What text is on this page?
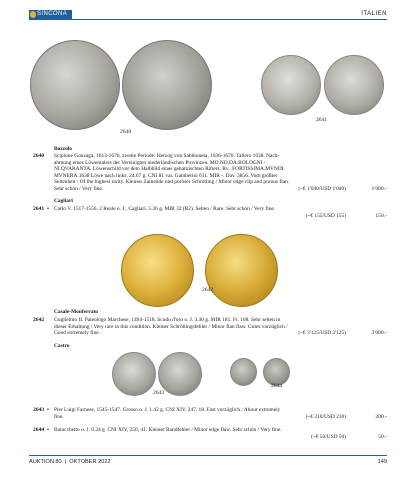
SINCONA	ITALIEN
2640
2641
Bozzolo
2640 Scipione Gonzaga, 1613-1670, zweite Periode: Herzog von Sabbioneta, 1636-1670. Tallero 1638. Nach-
ahmung eines Löwentalers der Vereinigten niederländischen Provinzen. MO.NO.DA.BOLOGNI -
NI.QVARANTA. Löwenschild vor dem Halbbild eines geharnischten Ritters. Rv. .FORTISSIMA.MVNDI.
MVNERA.1638 Löwe nach links. 24.67 g. CNI 81 var. Gamberini 611. MIR -. Dav. 3856. Vom größter
Seltenheit / Of the highest rarity. Kleines Zainende und poröser Schrötling / Minor edge clip and porous flan.
Sehr schön / Very fine.	(~€ 1'040/USD 1'040)	1'000.-
Cagliari
2641 • Carlo V. 1517-1556. 2 Reale o. J., Cagliari. 5.26 g. MIR 32 (R2). Selten / Rare. Sehr schön / Very fine.
(~€ 155/USD 155)	150.-
2642
Casale-Monferrato
2642 Guglielmo II. Paleologo Marchese, 1494-1518. Scudo d'oro o. J. 3.30 g. MIR 181. Fr. 168. Sehr selten in
dieser Erhaltung / Very rare in this condition. Kleiner Schrötlingsfehler / Minor flan flaw. Gutes vorzüglich /
Good extremely fine.	(~€ 3'125/USD 3'125)	3'000.-
Castro
2643
2644
2643 • Pier Luigi Farnese, 1545-1547. Grosso o. J. 1.42 g. CNI XIV, 247, 18. Fast vorzüglich / About extremely
fine.	(~€ 210/USD 210)	200.-
2644 • Baiocchetto o. J. 0.24 g. CNI XIV, 250, 41. Kleiner Randfehler / Minor edge flaw. Sehr schön / Very fine.
(~€ 50/USD 50)	50.-
AUKTION 80  |  OKTOBER 2022	149
